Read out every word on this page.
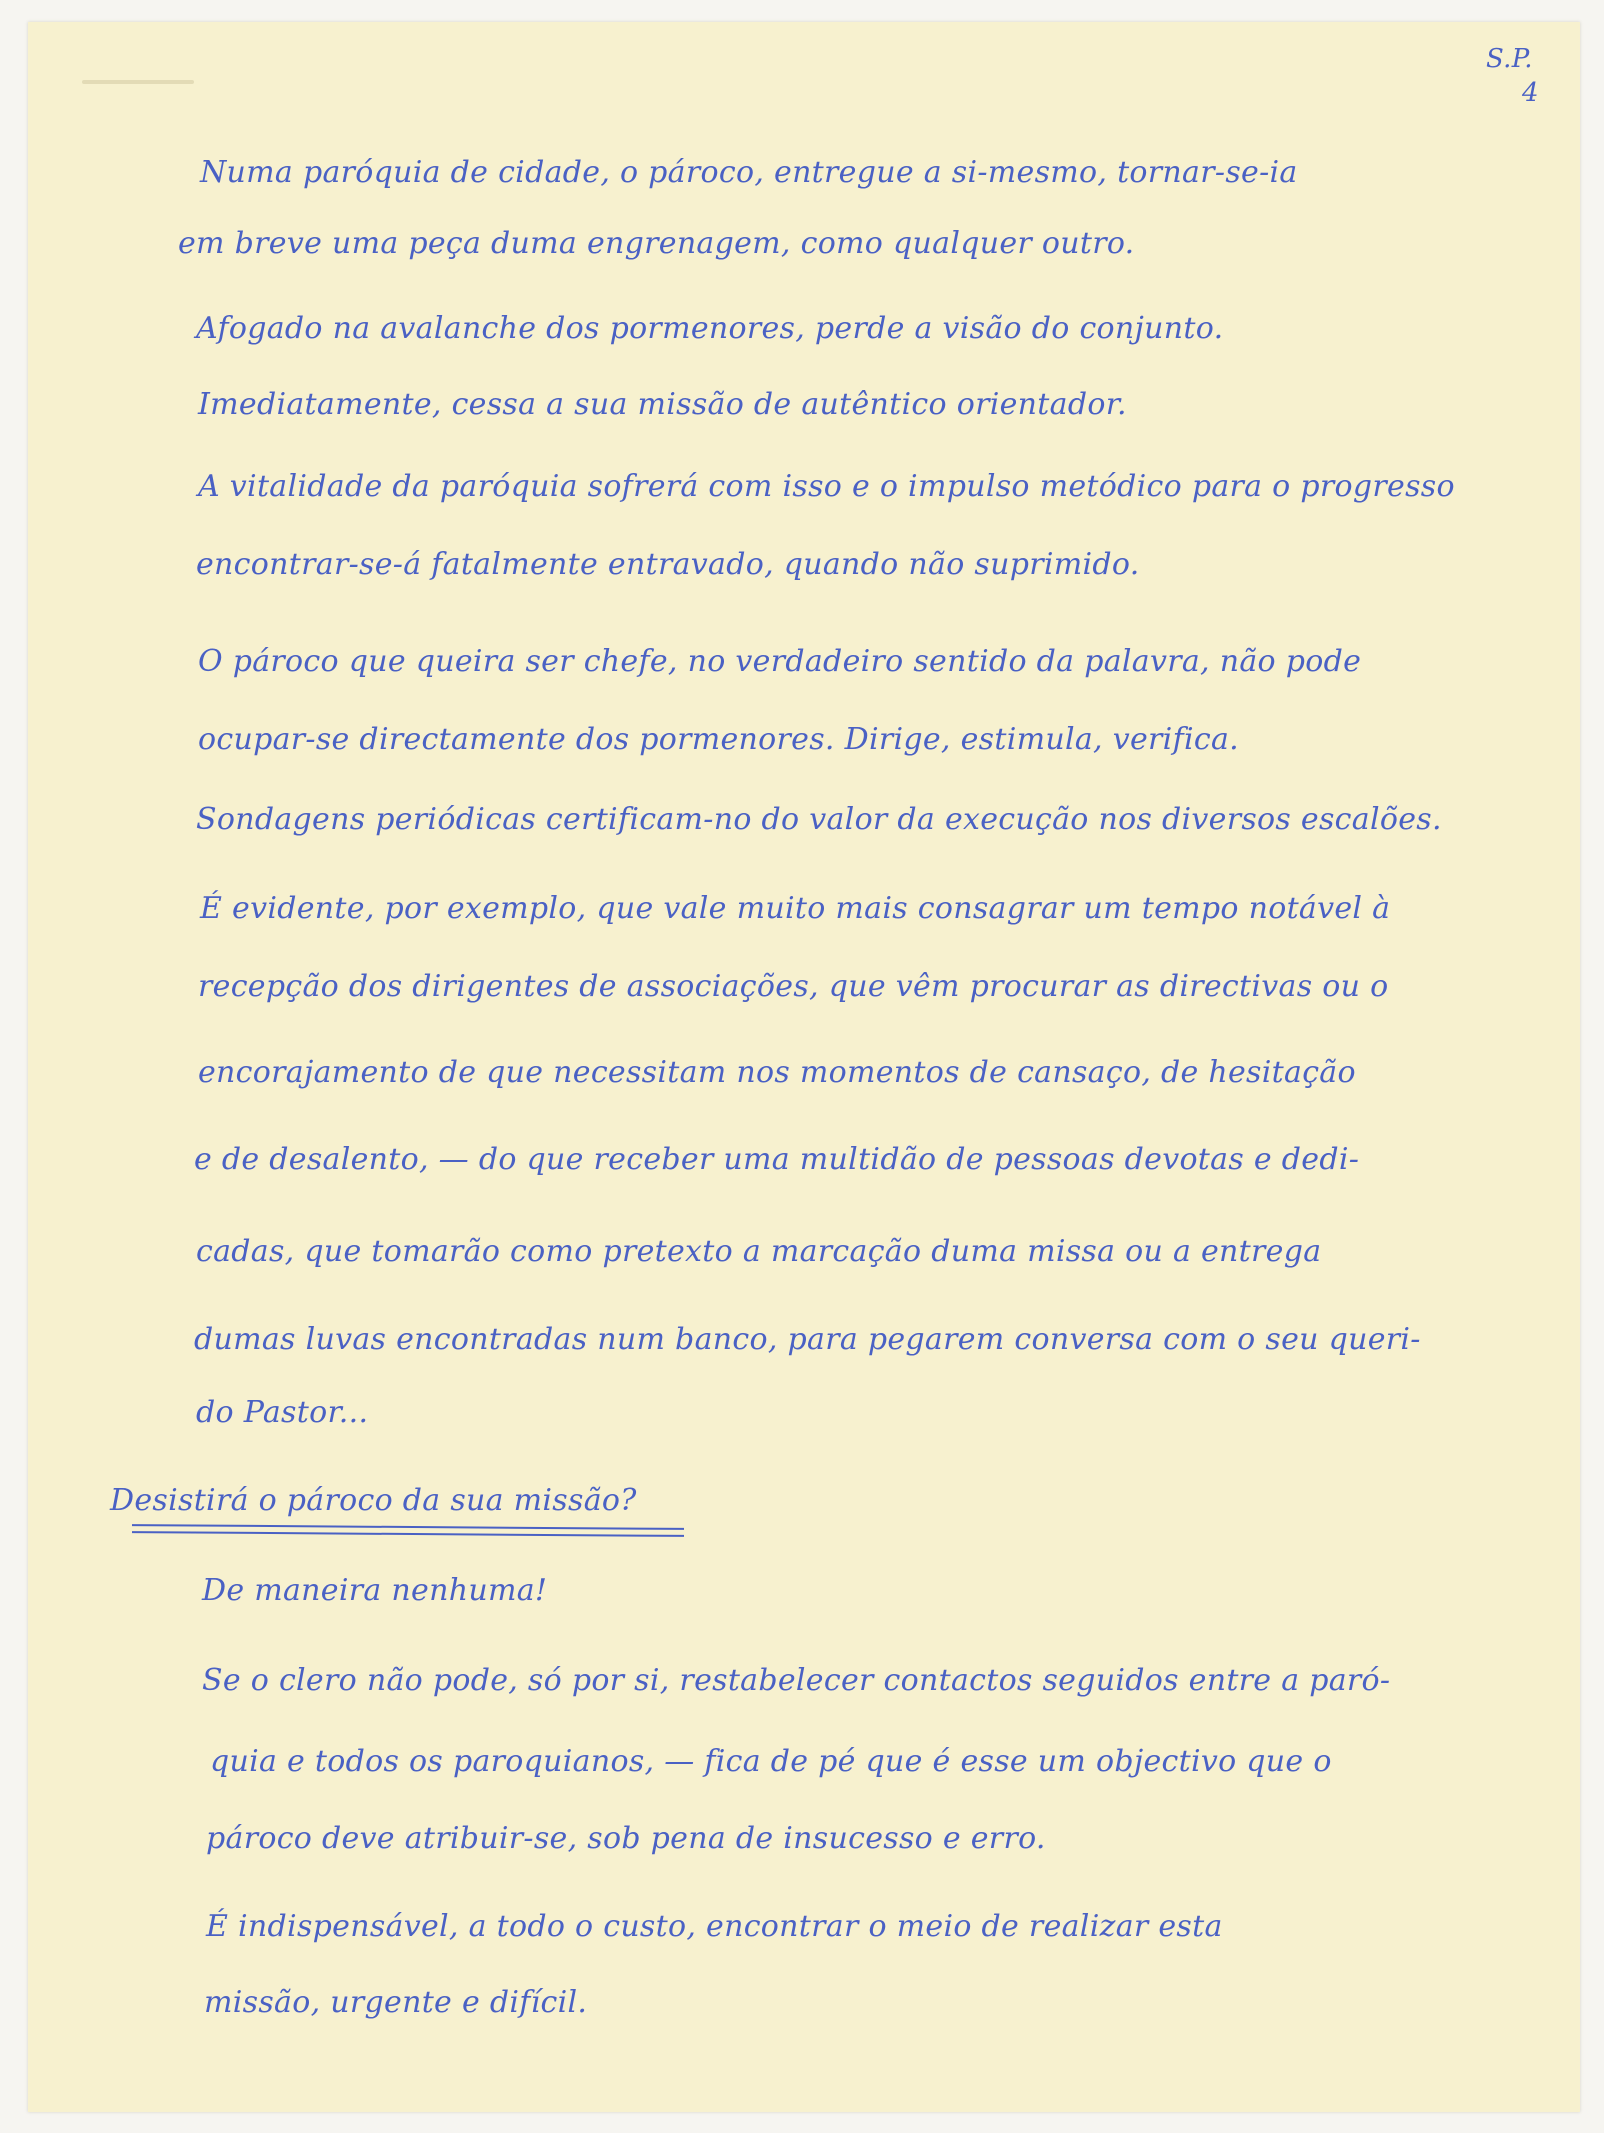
S.P.
4
Numa paróquia de cidade, o pároco, entregue a si-mesmo, tornar-se-ia
em breve uma peça duma engrenagem, como qualquer outro.
Afogado na avalanche dos pormenores, perde a visão do conjunto.
Imediatamente, cessa a sua missão de autêntico orientador.
A vitalidade da paróquia sofrerá com isso e o impulso metódico para o progresso
encontrar-se-á fatalmente entravado, quando não suprimido.
O pároco que queira ser chefe, no verdadeiro sentido da palavra, não pode
ocupar-se directamente dos pormenores. Dirige, estimula, verifica.
Sondagens periódicas certificam-no do valor da execução nos diversos escalões.
É evidente, por exemplo, que vale muito mais consagrar um tempo notável à
recepção dos dirigentes de associações, que vêm procurar as directivas ou o
encorajamento de que necessitam nos momentos de cansaço, de hesitação
e de desalento, — do que receber uma multidão de pessoas devotas e dedi-
cadas, que tomarão como pretexto a marcação duma missa ou a entrega
dumas luvas encontradas num banco, para pegarem conversa com o seu queri-
do Pastor...
Desistirá o pároco da sua missão?
De maneira nenhuma!
Se o clero não pode, só por si, restabelecer contactos seguidos entre a paró-
quia e todos os paroquianos, — fica de pé que é esse um objectivo que o
pároco deve atribuir-se, sob pena de insucesso e erro.
É indispensável, a todo o custo, encontrar o meio de realizar esta
missão, urgente e difícil.
